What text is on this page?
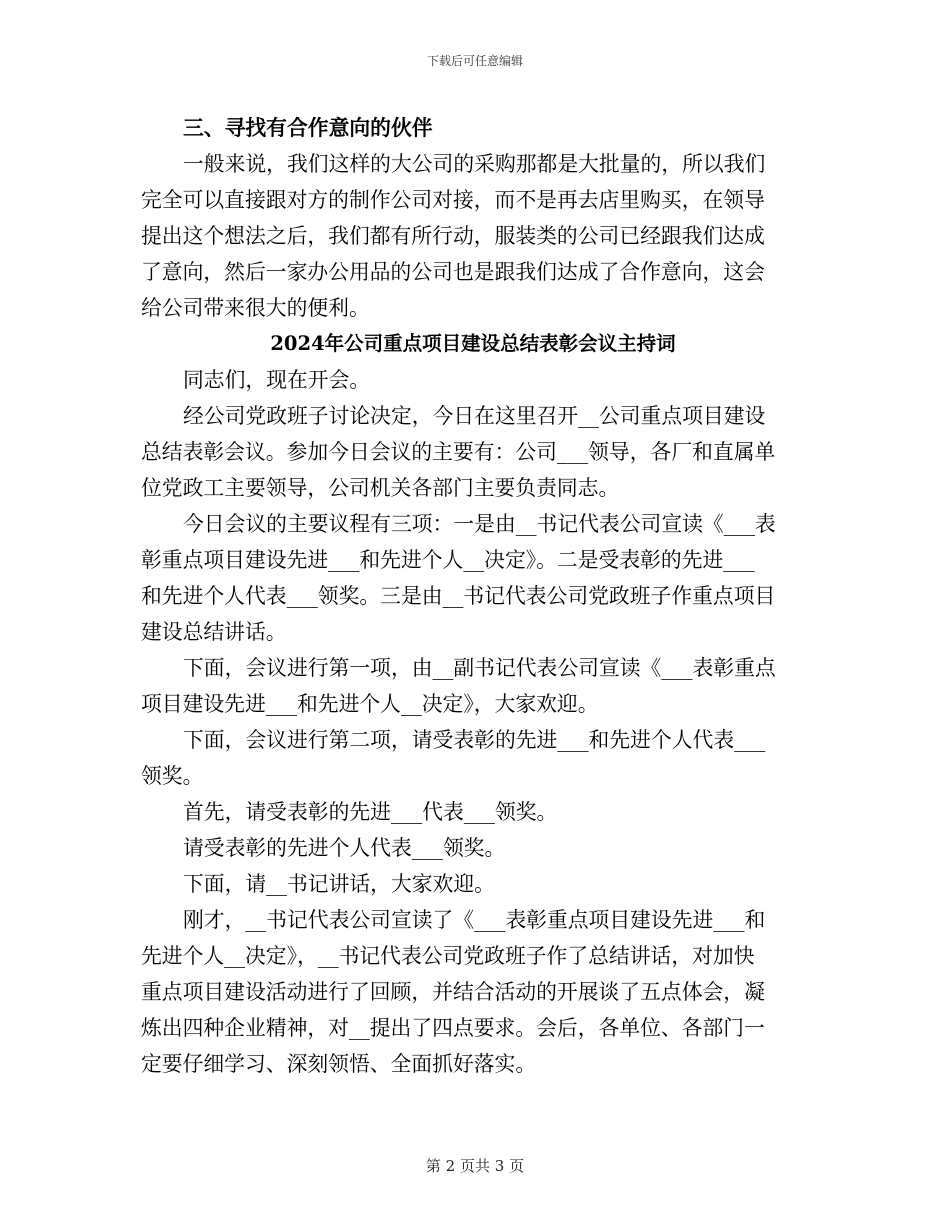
下载后可任意编辑
三、寻找有合作意向的伙伴
一般来说，我们这样的大公司的采购那都是大批量的，所以我们
完全可以直接跟对方的制作公司对接，而不是再去店里购买，在领导
提出这个想法之后，我们都有所行动，服装类的公司已经跟我们达成
了意向，然后一家办公用品的公司也是跟我们达成了合作意向，这会
给公司带来很大的便利。
2024年公司重点项目建设总结表彰会议主持词
同志们，现在开会。
经公司党政班子讨论决定，今日在这里召开__公司重点项目建设
总结表彰会议。参加今日会议的主要有：公司___领导，各厂和直属单
位党政工主要领导，公司机关各部门主要负责同志。
今日会议的主要议程有三项：一是由__书记代表公司宣读《___表
彰重点项目建设先进___和先进个人__决定》。二是受表彰的先进___
和先进个人代表___领奖。三是由__书记代表公司党政班子作重点项目
建设总结讲话。
下面，会议进行第一项，由__副书记代表公司宣读《___表彰重点
项目建设先进___和先进个人__决定》，大家欢迎。
下面，会议进行第二项，请受表彰的先进___和先进个人代表___
领奖。
首先，请受表彰的先进___代表___领奖。
请受表彰的先进个人代表___领奖。
下面，请__书记讲话，大家欢迎。
刚才，__书记代表公司宣读了《___表彰重点项目建设先进___和
先进个人__决定》，__书记代表公司党政班子作了总结讲话，对加快
重点项目建设活动进行了回顾，并结合活动的开展谈了五点体会，凝
炼出四种企业精神，对__提出了四点要求。会后，各单位、各部门一
定要仔细学习、深刻领悟、全面抓好落实。
第 2 页共 3 页
